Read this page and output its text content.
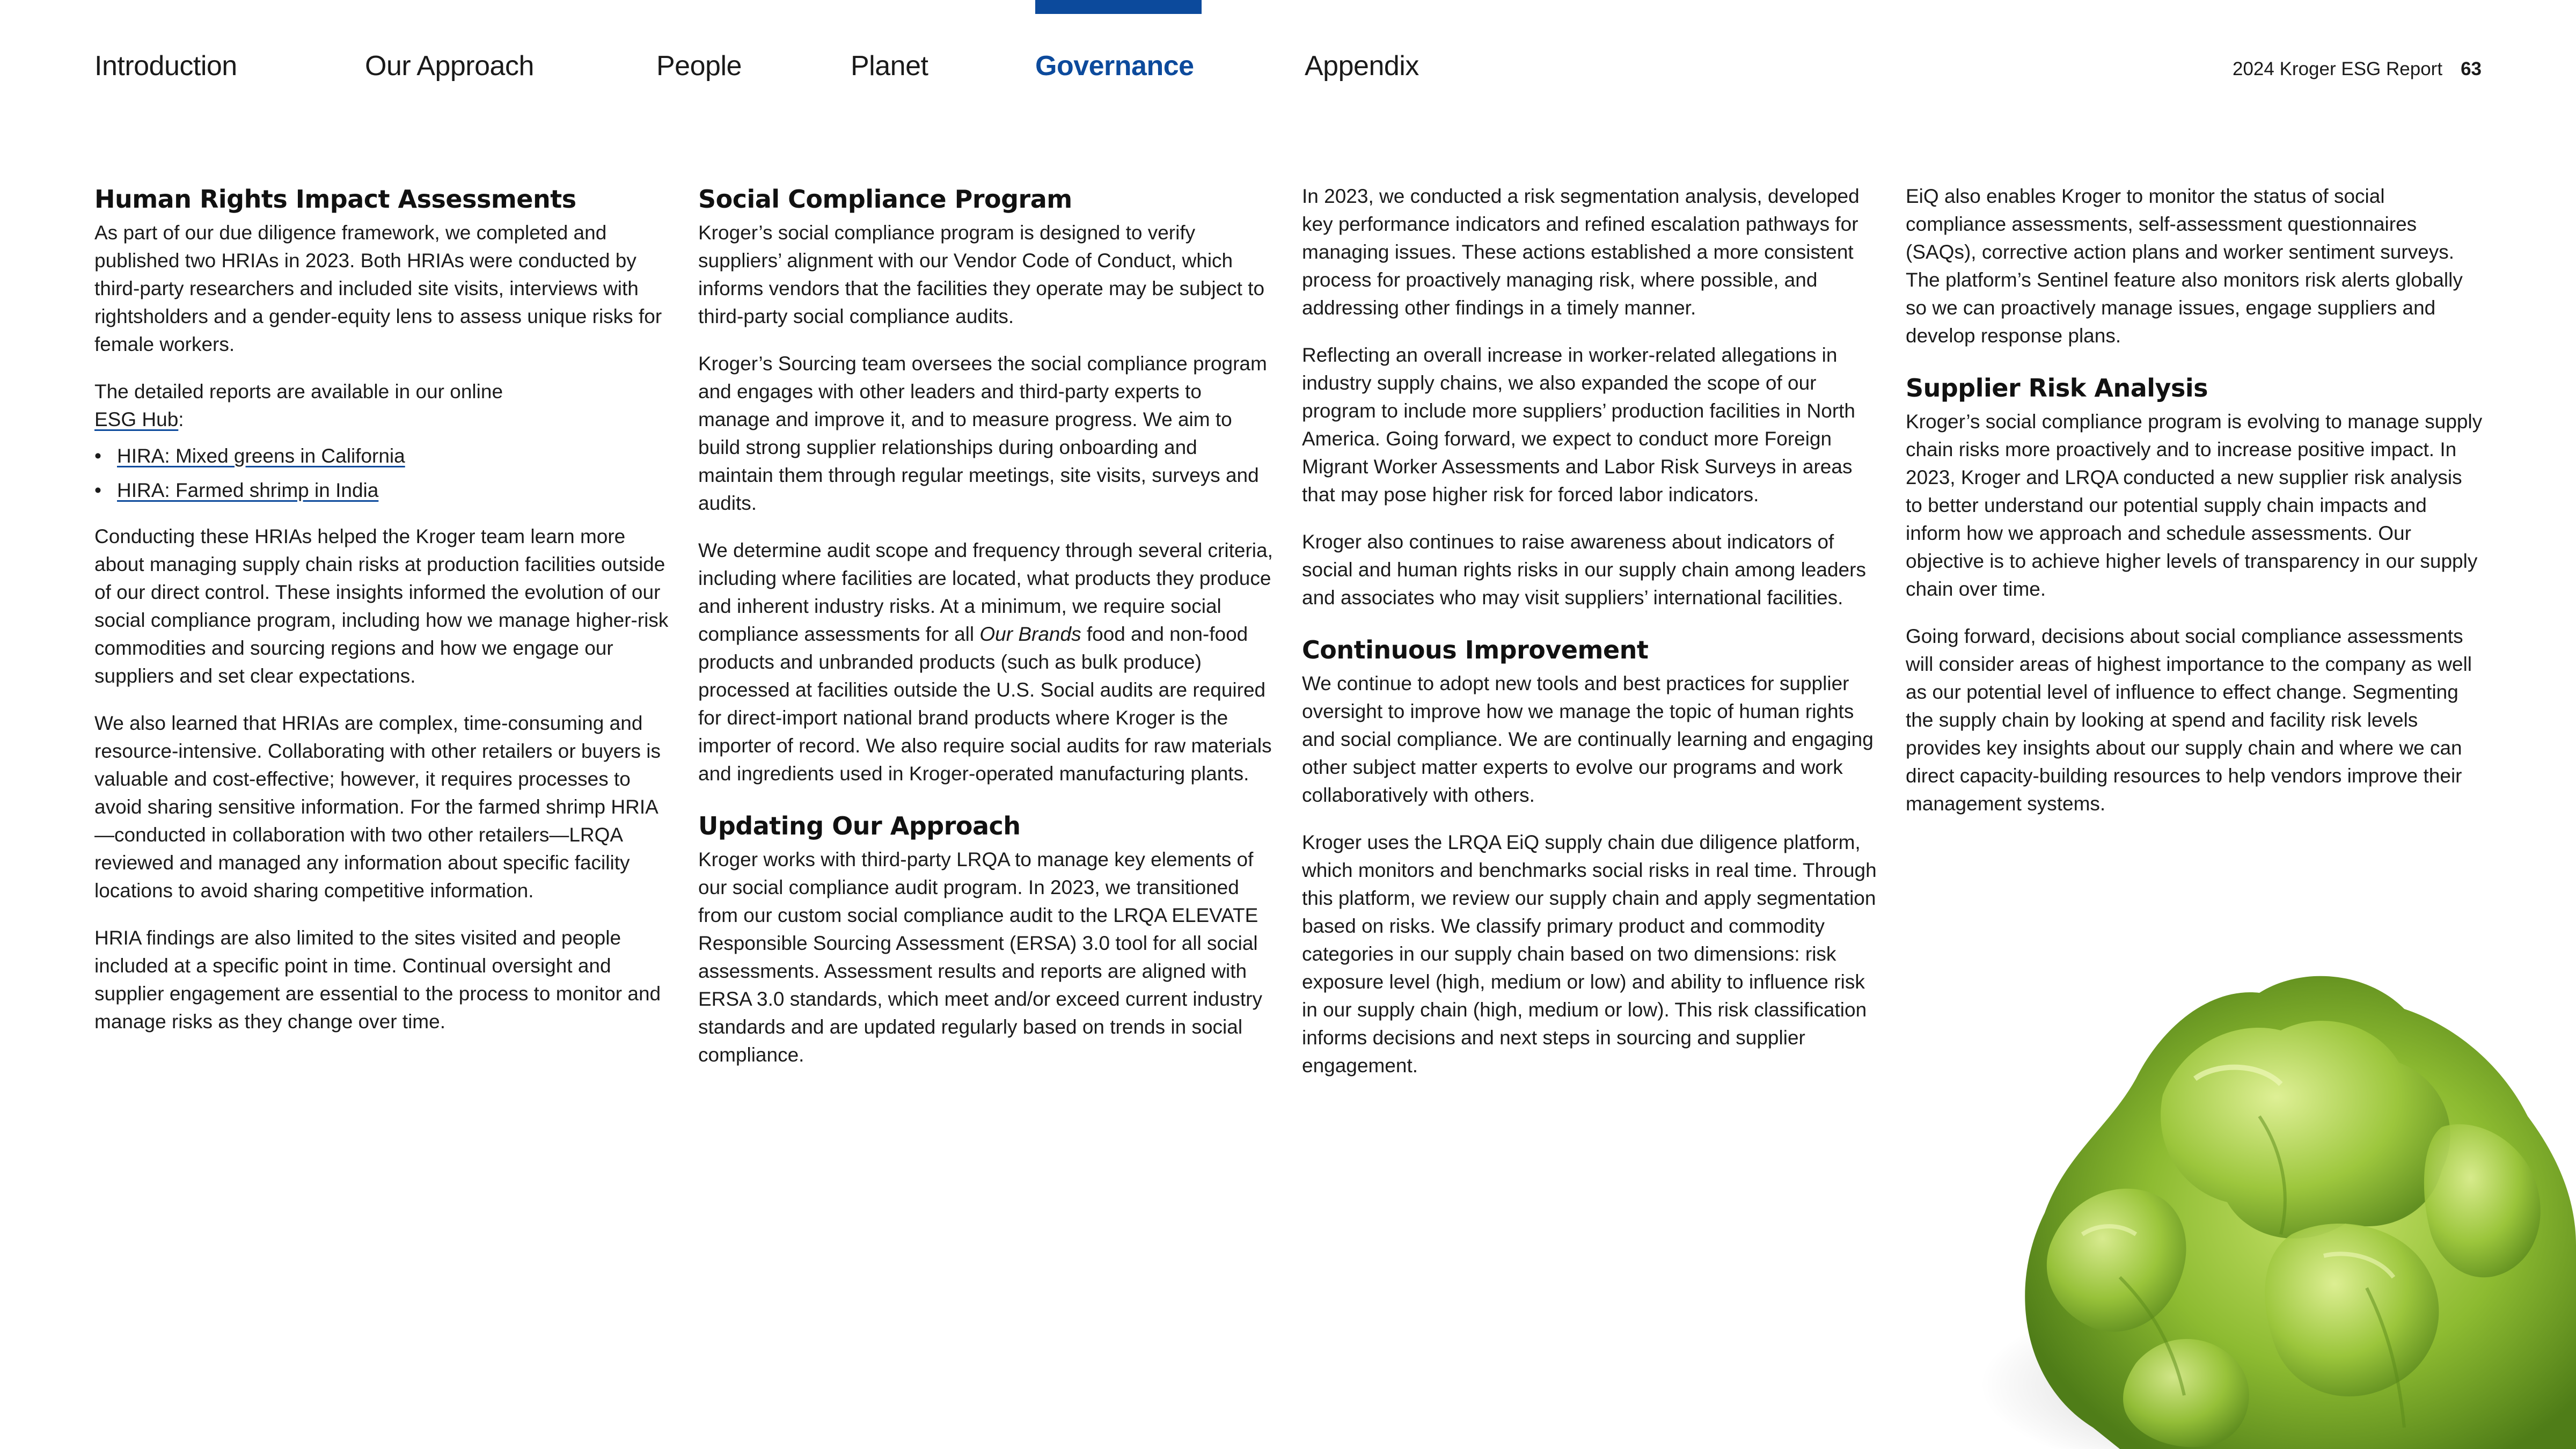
Introduction	Our Approach	People	Planet	Governance	Appendix	2024 Kroger ESG Report 63
Human Rights Impact Assessments

As part of our due diligence framework, we completed and published two HRIAs in 2023. Both HRIAs were conducted by third-party researchers and included site visits, interviews with rightsholders and a gender-equity lens to assess unique risks for female workers.

The detailed reports are available in our online
ESG Hub:

• HIRA: Mixed greens in California
• HIRA: Farmed shrimp in India

Conducting these HRIAs helped the Kroger team learn more about managing supply chain risks at production facilities outside of our direct control. These insights informed the evolution of our social compliance program, including how we manage higher-risk commodities and sourcing regions and how we engage our suppliers and set clear expectations.

We also learned that HRIAs are complex, time-consuming and resource-intensive. Collaborating with other retailers or buyers is valuable and cost-effective; however, it requires processes to avoid sharing sensitive information. For the farmed shrimp HRIA—conducted in collaboration with two other retailers—LRQA reviewed and managed any information about specific facility locations to avoid sharing competitive information.

HRIA findings are also limited to the sites visited and people included at a specific point in time. Continual oversight and supplier engagement are essential to the process to monitor and manage risks as they change over time.

Social Compliance Program

Kroger’s social compliance program is designed to verify suppliers’ alignment with our Vendor Code of Conduct, which informs vendors that the facilities they operate may be subject to third-party social compliance audits.

Kroger’s Sourcing team oversees the social compliance program and engages with other leaders and third-party experts to manage and improve it, and to measure progress. We aim to build strong supplier relationships during onboarding and maintain them through regular meetings, site visits, surveys and audits.

We determine audit scope and frequency through several criteria, including where facilities are located, what products they produce and inherent industry risks. At a minimum, we require social compliance assessments for all Our Brands food and non-food products and unbranded products (such as bulk produce) processed at facilities outside the U.S. Social audits are required for direct-import national brand products where Kroger is the importer of record. We also require social audits for raw materials and ingredients used in Kroger-operated manufacturing plants.

Updating Our Approach

Kroger works with third-party LRQA to manage key elements of our social compliance audit program. In 2023, we transitioned from our custom social compliance audit to the LRQA ELEVATE Responsible Sourcing Assessment (ERSA) 3.0 tool for all social assessments. Assessment results and reports are aligned with ERSA 3.0 standards, which meet and/or exceed current industry standards and are updated regularly based on trends in social compliance.

In 2023, we conducted a risk segmentation analysis, developed key performance indicators and refined escalation pathways for managing issues. These actions established a more consistent process for proactively managing risk, where possible, and addressing other findings in a timely manner.

Reflecting an overall increase in worker-related allegations in industry supply chains, we also expanded the scope of our program to include more suppliers’ production facilities in North America. Going forward, we expect to conduct more Foreign Migrant Worker Assessments and Labor Risk Surveys in areas that may pose higher risk for forced labor indicators.

Kroger also continues to raise awareness about indicators of social and human rights risks in our supply chain among leaders and associates who may visit suppliers’ international facilities.

Continuous Improvement

We continue to adopt new tools and best practices for supplier oversight to improve how we manage the topic of human rights and social compliance. We are continually learning and engaging other subject matter experts to evolve our programs and work collaboratively with others.

Kroger uses the LRQA EiQ supply chain due diligence platform, which monitors and benchmarks social risks in real time. Through this platform, we review our supply chain and apply segmentation based on risks. We classify primary product and commodity categories in our supply chain based on two dimensions: risk exposure level (high, medium or low) and ability to influence risk in our supply chain (high, medium or low). This risk classification informs decisions and next steps in sourcing and supplier engagement.

EiQ also enables Kroger to monitor the status of social compliance assessments, self-assessment questionnaires (SAQs), corrective action plans and worker sentiment surveys. The platform’s Sentinel feature also monitors risk alerts globally so we can proactively manage issues, engage suppliers and develop response plans.

Supplier Risk Analysis

Kroger’s social compliance program is evolving to manage supply chain risks more proactively and to increase positive impact. In 2023, Kroger and LRQA conducted a new supplier risk analysis to better understand our potential supply chain impacts and inform how we approach and schedule assessments. Our objective is to achieve higher levels of transparency in our supply chain over time.

Going forward, decisions about social compliance assessments will consider areas of highest importance to the company as well as our potential level of influence to effect change. Segmenting the supply chain by looking at spend and facility risk levels provides key insights about our supply chain and where we can direct capacity-building resources to help vendors improve their management systems.
